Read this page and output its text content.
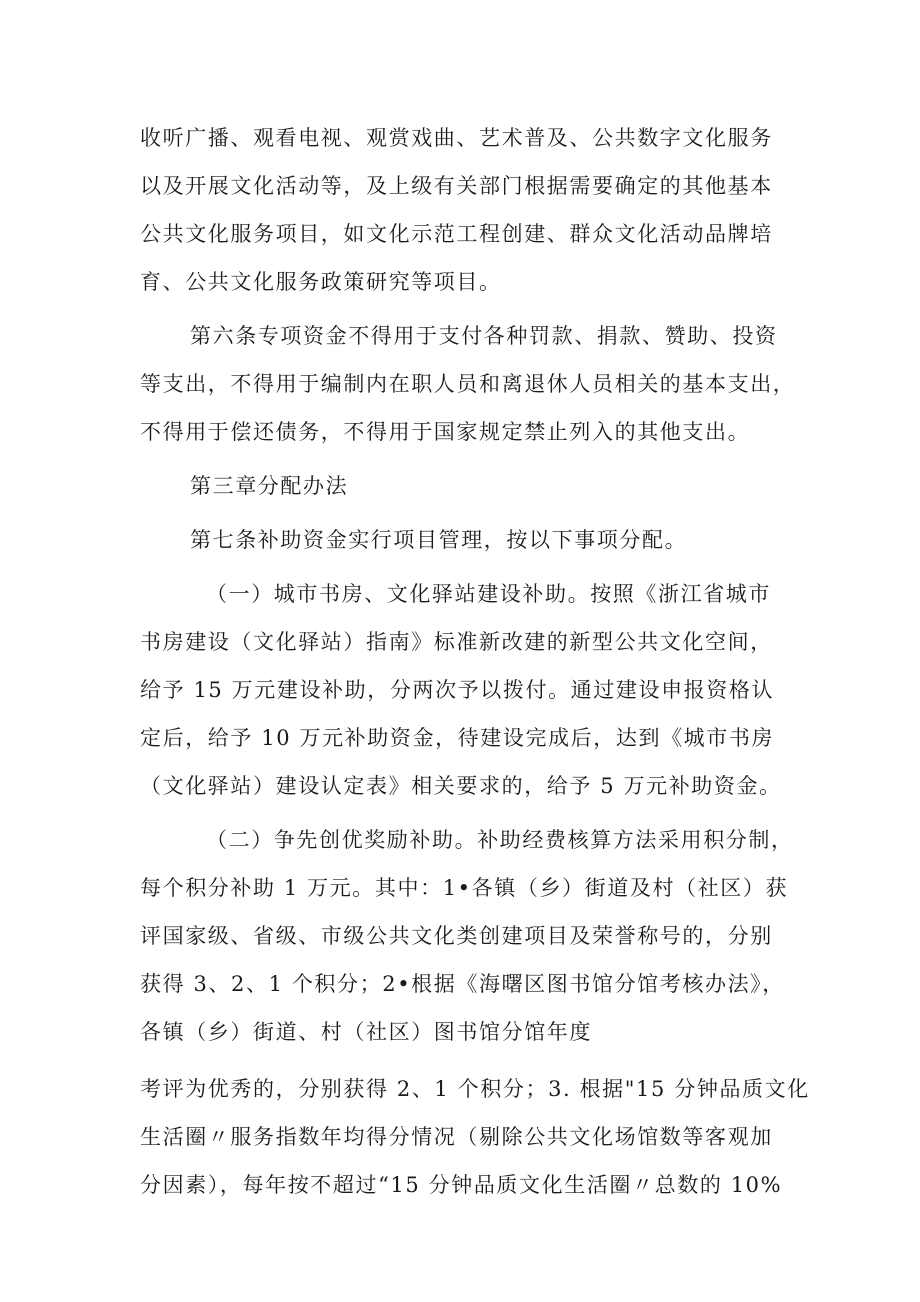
收听广播、观看电视、观赏戏曲、艺术普及、公共数字文化服务
以及开展文化活动等，及上级有关部门根据需要确定的其他基本
公共文化服务项目，如文化示范工程创建、群众文化活动品牌培
育、公共文化服务政策研究等项目。
第六条专项资金不得用于支付各种罚款、捐款、赞助、投资
等支出，不得用于编制内在职人员和离退休人员相关的基本支出，
不得用于偿还债务，不得用于国家规定禁止列入的其他支出。
第三章分配办法
第七条补助资金实行项目管理，按以下事项分配。
（一）城市书房、文化驿站建设补助。按照《浙江省城市
书房建设（文化驿站）指南》标准新改建的新型公共文化空间，
给予 15 万元建设补助，分两次予以拨付。通过建设申报资格认
定后，给予 10 万元补助资金，待建设完成后，达到《城市书房
（文化驿站）建设认定表》相关要求的，给予 5 万元补助资金。
（二）争先创优奖励补助。补助经费核算方法采用积分制，
每个积分补助 1 万元。其中：1•各镇（乡）街道及村（社区）获
评国家级、省级、市级公共文化类创建项目及荣誉称号的，分别
获得 3、2、1 个积分；2•根据《海曙区图书馆分馆考核办法》，
各镇（乡）街道、村（社区）图书馆分馆年度
考评为优秀的，分别获得 2、1 个积分；3. 根据"15 分钟品质文化
生活圈〃服务指数年均得分情况（剔除公共文化场馆数等客观加
分因素），每年按不超过“15 分钟品质文化生活圈〃总数的 10%
